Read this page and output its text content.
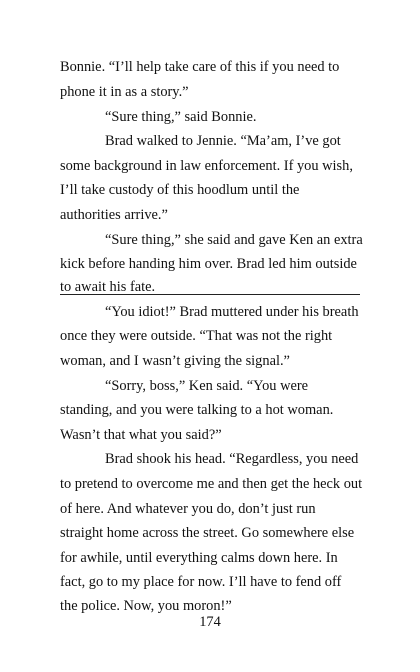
Bonnie. “I’ll help take care of this if you need to
phone it in as a story.”
“Sure thing,” said Bonnie.
Brad walked to Jennie. “Ma’am, I’ve got
some background in law enforcement. If you wish,
I’ll take custody of this hoodlum until the
authorities arrive.”
“Sure thing,” she said and gave Ken an extra
kick before handing him over. Brad led him outside
to await his fate.
“You idiot!” Brad muttered under his breath
once they were outside. “That was not the right
woman, and I wasn’t giving the signal.”
“Sorry, boss,” Ken said. “You were
standing, and you were talking to a hot woman.
Wasn’t that what you said?”
Brad shook his head. “Regardless, you need
to pretend to overcome me and then get the heck out
of here. And whatever you do, don’t just run
straight home across the street. Go somewhere else
for awhile, until everything calms down here. In
fact, go to my place for now. I’ll have to fend off
the police. Now, you moron!”
174
